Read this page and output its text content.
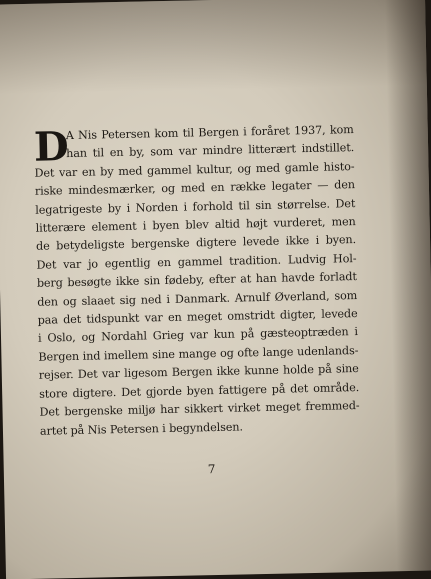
D
A Nis Petersen kom til Bergen i foråret 1937, kom
han til en by, som var mindre litterært indstillet.
Det var en by med gammel kultur, og med gamle histo-
riske mindesmærker, og med en række legater — den
legatrigeste by i Norden i forhold til sin størrelse. Det
litterære element i byen blev altid højt vurderet, men
de betydeligste bergenske digtere levede ikke i byen.
Det var jo egentlig en gammel tradition. Ludvig Hol-
berg besøgte ikke sin fødeby, efter at han havde forladt
den og slaaet sig ned i Danmark. Arnulf Øverland, som
paa det tidspunkt var en meget omstridt digter, levede
i Oslo, og Nordahl Grieg var kun på gæsteoptræden i
Bergen ind imellem sine mange og ofte lange udenlands-
rejser. Det var ligesom Bergen ikke kunne holde på sine
store digtere. Det gjorde byen fattigere på det område.
Det bergenske miljø har sikkert virket meget fremmed-
artet på Nis Petersen i begyndelsen.
7
